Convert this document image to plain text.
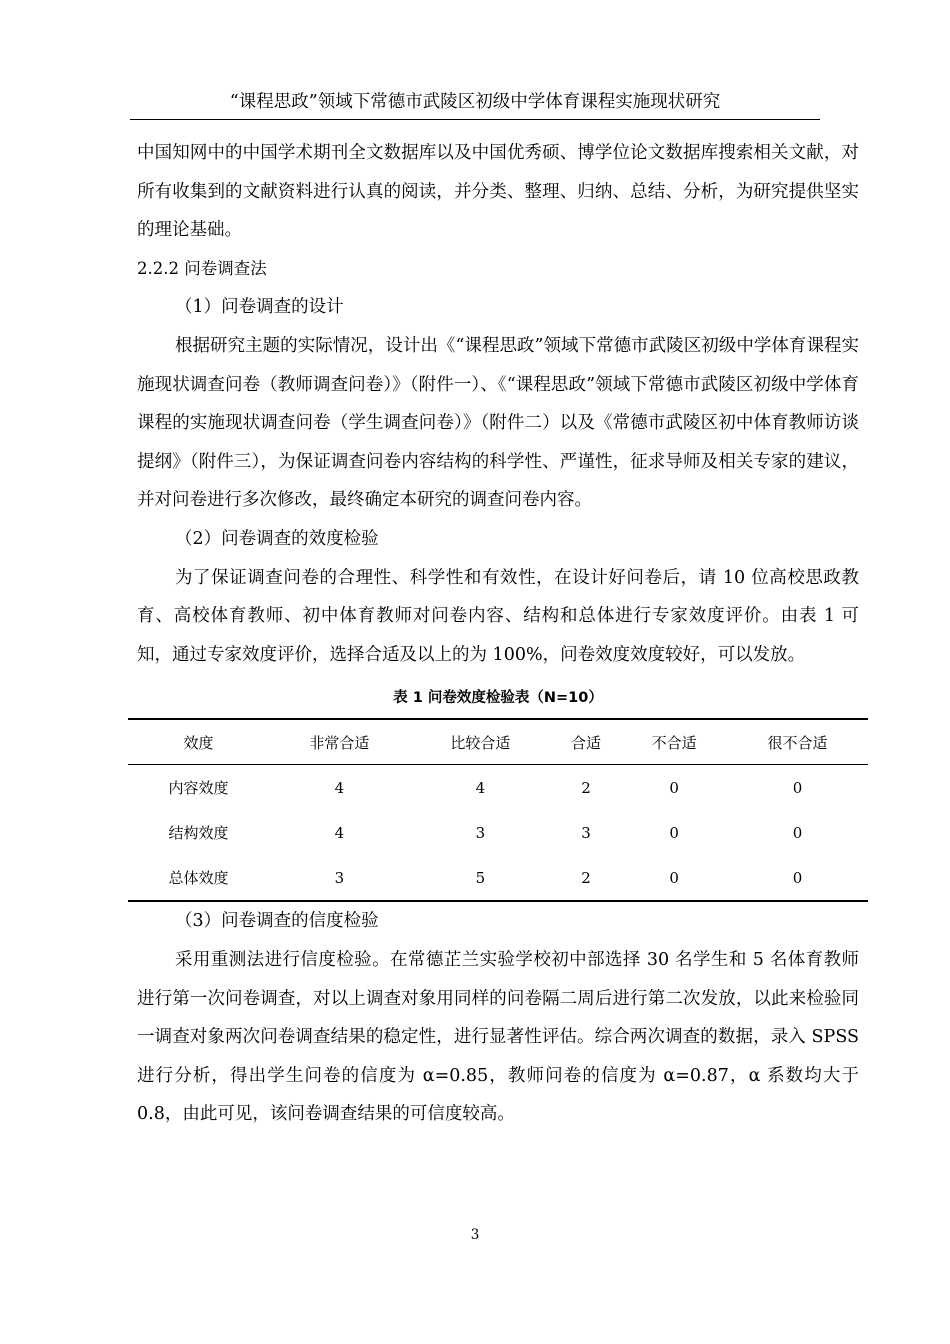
“课程思政”领域下常德市武陵区初级中学体育课程实施现状研究

中国知网中的中国学术期刊全文数据库以及中国优秀硕、博学位论文数据库搜索相关文献，对所有收集到的文献资料进行认真的阅读，并分类、整理、归纳、总结、分析，为研究提供坚实的理论基础。

2.2.2 问卷调查法

（1）问卷调查的设计

根据研究主题的实际情况，设计出《“课程思政”领域下常德市武陵区初级中学体育课程实施现状调查问卷（教师调查问卷）》（附件一）、《“课程思政”领域下常德市武陵区初级中学体育课程的实施现状调查问卷（学生调查问卷）》（附件二）以及《常德市武陵区初中体育教师访谈提纲》（附件三），为保证调查问卷内容结构的科学性、严谨性，征求导师及相关专家的建议，并对问卷进行多次修改，最终确定本研究的调查问卷内容。

（2）问卷调查的效度检验

为了保证调查问卷的合理性、科学性和有效性，在设计好问卷后，请 10 位高校思政教育、高校体育教师、初中体育教师对问卷内容、结构和总体进行专家效度评价。由表 1 可知，通过专家效度评价，选择合适及以上的为 100%，问卷效度效度较好，可以发放。

表 1 问卷效度检验表（N=10）
效度	非常合适	比较合适	合适	不合适	很不合适
内容效度	4	4	2	0	0
结构效度	4	3	3	0	0
总体效度	3	5	2	0	0

（3）问卷调查的信度检验

采用重测法进行信度检验。在常德芷兰实验学校初中部选择 30 名学生和 5 名体育教师进行第一次问卷调查，对以上调查对象用同样的问卷隔二周后进行第二次发放，以此来检验同一调查对象两次问卷调查结果的稳定性，进行显著性评估。综合两次调查的数据，录入 SPSS 进行分析，得出学生问卷的信度为 α=0.85，教师问卷的信度为 α=0.87，α 系数均大于 0.8，由此可见，该问卷调查结果的可信度较高。

3
